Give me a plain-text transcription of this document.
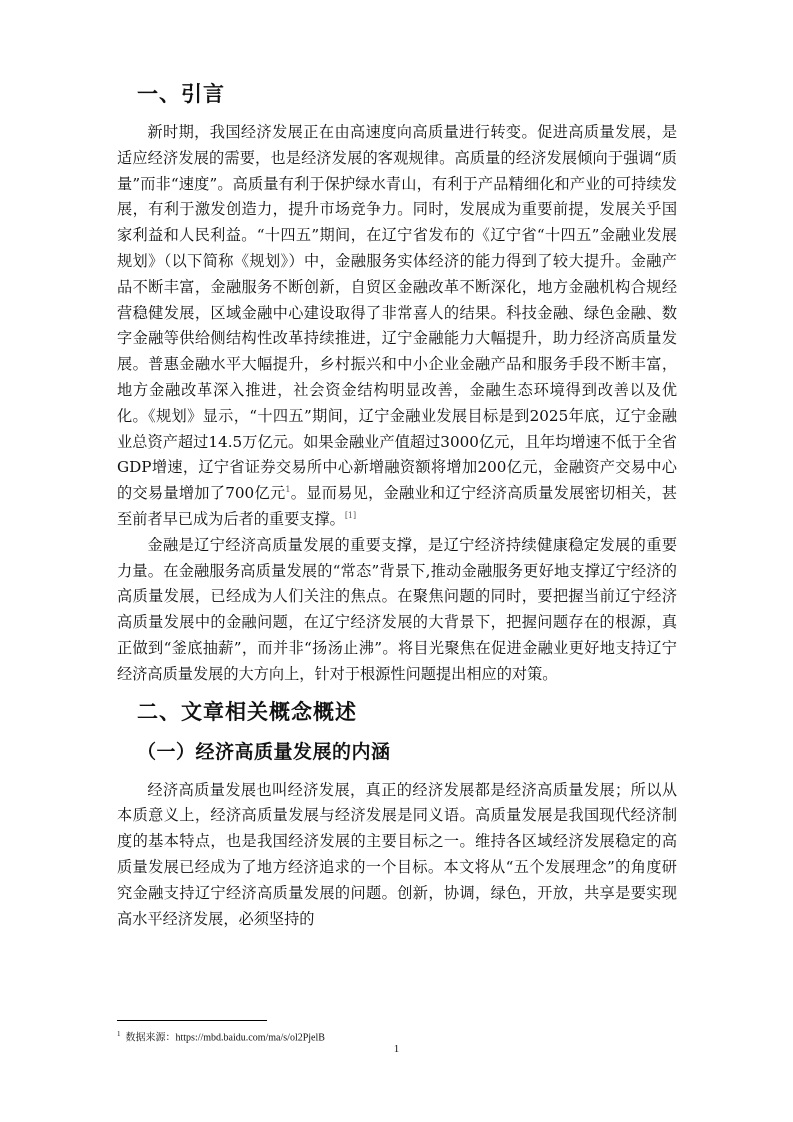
一、引言

新时期，我国经济发展正在由高速度向高质量进行转变。促进高质量发展，是适应经济发展的需要，也是经济发展的客观规律。高质量的经济发展倾向于强调“质量”而非“速度”。高质量有利于保护绿水青山，有利于产品精细化和产业的可持续发展，有利于激发创造力，提升市场竞争力。同时，发展成为重要前提，发展关乎国家利益和人民利益。“十四五”期间，在辽宁省发布的《辽宁省“十四五”金融业发展规划》（以下简称《规划》）中，金融服务实体经济的能力得到了较大提升。金融产品不断丰富，金融服务不断创新，自贸区金融改革不断深化，地方金融机构合规经营稳健发展，区域金融中心建设取得了非常喜人的结果。科技金融、绿色金融、数字金融等供给侧结构性改革持续推进，辽宁金融能力大幅提升，助力经济高质量发展。普惠金融水平大幅提升，乡村振兴和中小企业金融产品和服务手段不断丰富，地方金融改革深入推进，社会资金结构明显改善，金融生态环境得到改善以及优化。《规划》显示，“十四五”期间，辽宁金融业发展目标是到2025年底，辽宁金融业总资产超过14.5万亿元。如果金融业产值超过3000亿元，且年均增速不低于全省GDP增速，辽宁省证券交易所中心新增融资额将增加200亿元，金融资产交易中心的交易量增加了700亿元$^1$。显而易见，金融业和辽宁经济高质量发展密切相关，甚至前者早已成为后者的重要支撑。[1]

金融是辽宁经济高质量发展的重要支撑，是辽宁经济持续健康稳定发展的重要力量。在金融服务高质量发展的“常态”背景下,推动金融服务更好地支撑辽宁经济的高质量发展，已经成为人们关注的焦点。在聚焦问题的同时，要把握当前辽宁经济高质量发展中的金融问题，在辽宁经济发展的大背景下，把握问题存在的根源，真正做到“釜底抽薪”，而并非“扬汤止沸”。将目光聚焦在促进金融业更好地支持辽宁经济高质量发展的大方向上，针对于根源性问题提出相应的对策。

二、文章相关概念概述
（一）经济高质量发展的内涵

经济高质量发展也叫经济发展，真正的经济发展都是经济高质量发展；所以从本质意义上，经济高质量发展与经济发展是同义语。高质量发展是我国现代经济制度的基本特点，也是我国经济发展的主要目标之一。维持各区域经济发展稳定的高质量发展已经成为了地方经济追求的一个目标。本文将从“五个发展理念”的角度研究金融支持辽宁经济高质量发展的问题。创新，协调，绿色，开放，共享是要实现高水平经济发展，必须坚持的

$^1$ 数据来源：https://mbd.baidu.com/ma/s/ol2PjelB
1
